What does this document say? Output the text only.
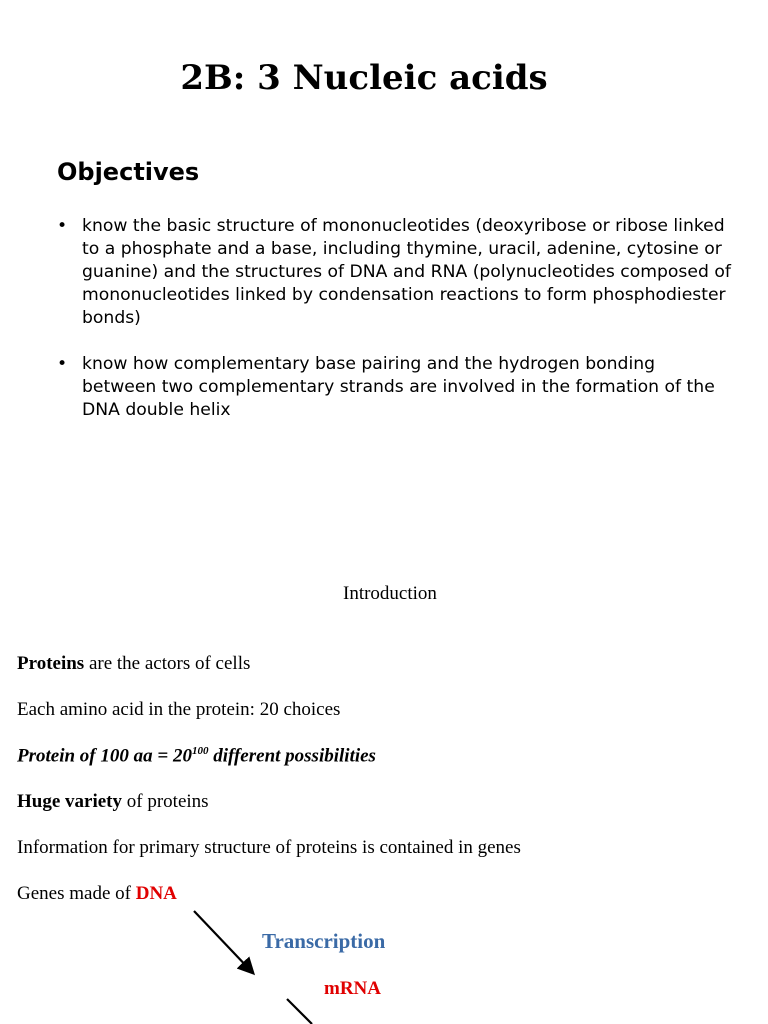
2B: 3 Nucleic acids
Objectives
• know the basic structure of mononucleotides (deoxyribose or ribose linked to a phosphate and a base, including thymine, uracil, adenine, cytosine or guanine) and the structures of DNA and RNA (polynucleotides composed of mononucleotides linked by condensation reactions to form phosphodiester bonds)
• know how complementary base pairing and the hydrogen bonding between two complementary strands are involved in the formation of the DNA double helix
Introduction
Proteins are the actors of cells
Each amino acid in the protein: 20 choices
Protein of 100 aa = $20^{100}$ different possibilities
Huge variety of proteins
Information for primary structure of proteins is contained in genes
Genes made of DNA
Transcription
mRNA
